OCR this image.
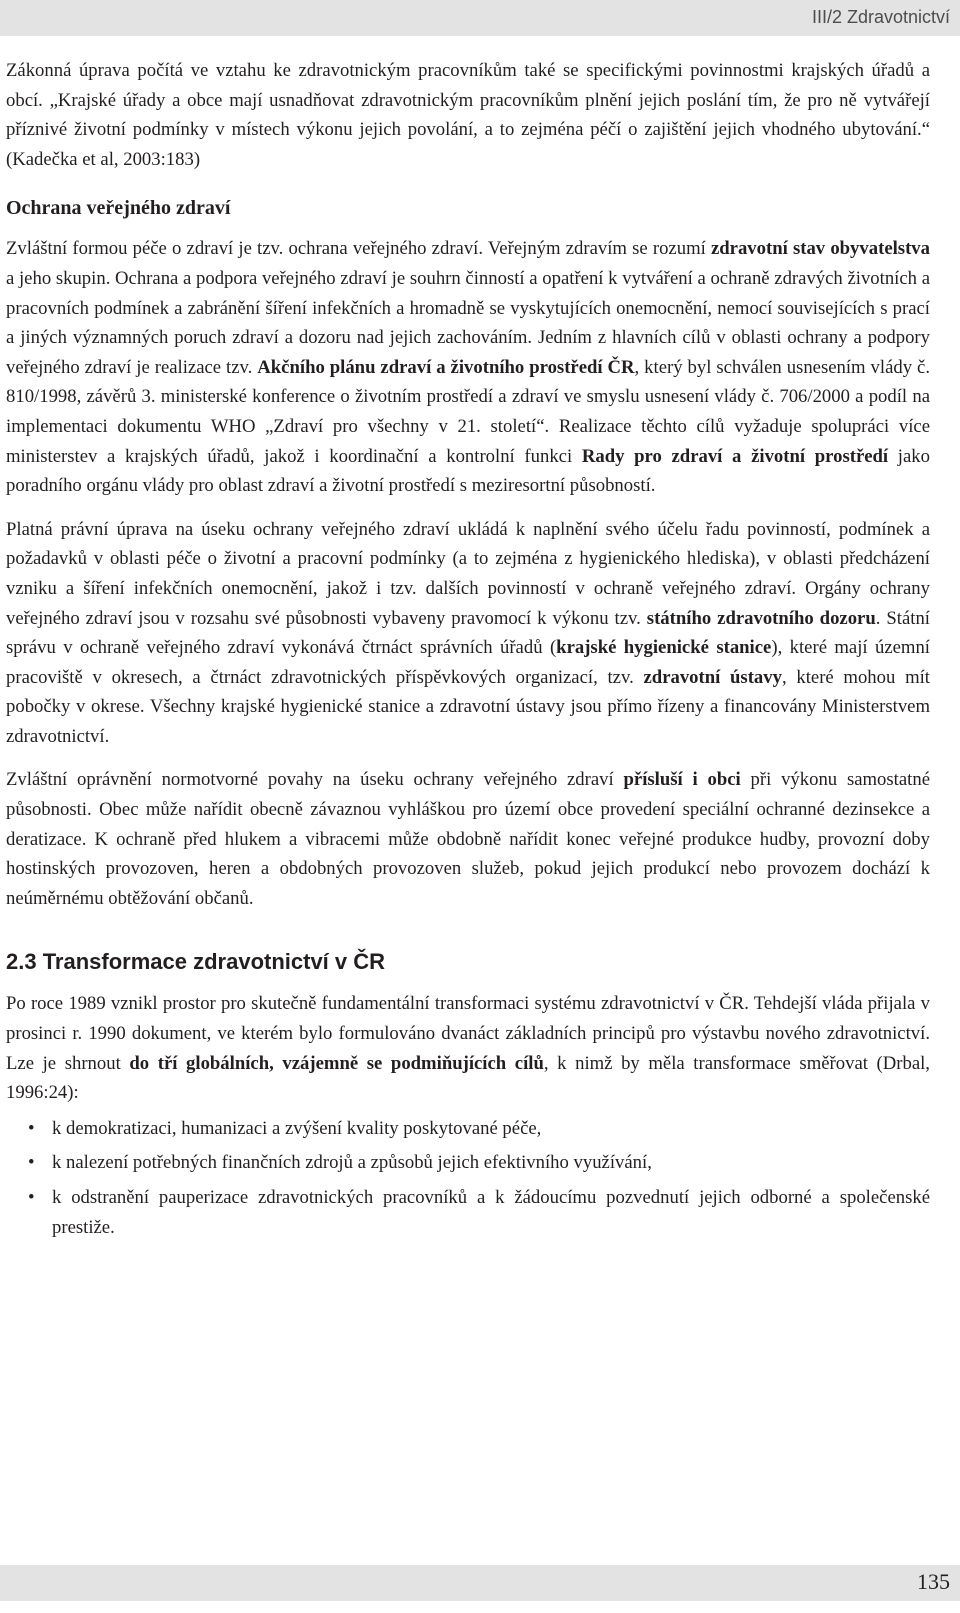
III/2 Zdravotnictví

Zákonná úprava počítá ve vztahu ke zdravotnickým pracovníkům také se specifickými povinnostmi krajských úřadů a obcí. „Krajské úřady a obce mají usnadňovat zdravotnickým pracovníkům plnění jejich poslání tím, že pro ně vytvářejí příznivé životní podmínky v místech výkonu jejich povolání, a to zejména péčí o zajištění jejich vhodného ubytování.“ (Kadečka et al, 2003:183)

Ochrana veřejného zdraví

Zvláštní formou péče o zdraví je tzv. ochrana veřejného zdraví. Veřejným zdravím se rozumí zdravotní stav obyvatelstva a jeho skupin. Ochrana a podpora veřejného zdraví je souhrn činností a opatření k vytváření a ochraně zdravých životních a pracovních podmínek a zabránění šíření infekčních a hromadně se vyskytujících onemocnění, nemocí souvisejících s prací a jiných významných poruch zdraví a dozoru nad jejich zachováním. Jedním z hlavních cílů v oblasti ochrany a podpory veřejného zdraví je realizace tzv. Akčního plánu zdraví a životního prostředí ČR, který byl schválen usnesením vlády č. 810/1998, závěrů 3. ministerské konference o životním prostředí a zdraví ve smyslu usnesení vlády č. 706/2000 a podíl na implementaci dokumentu WHO „Zdraví pro všechny v 21. století“. Realizace těchto cílů vyžaduje spolupráci více ministerstev a krajských úřadů, jakož i koordinační a kontrolní funkci Rady pro zdraví a životní prostředí jako poradního orgánu vlády pro oblast zdraví a životní prostředí s meziresortní působností.

Platná právní úprava na úseku ochrany veřejného zdraví ukládá k naplnění svého účelu řadu povinností, podmínek a požadavků v oblasti péče o životní a pracovní podmínky (a to zejména z hygienického hlediska), v oblasti předcházení vzniku a šíření infekčních onemocnění, jakož i tzv. dalších povinností v ochraně veřejného zdraví. Orgány ochrany veřejného zdraví jsou v rozsahu své působnosti vybaveny pravomocí k výkonu tzv. státního zdravotního dozoru. Státní správu v ochraně veřejného zdraví vykonává čtrnáct správních úřadů (krajské hygienické stanice), které mají územní pracoviště v okresech, a čtrnáct zdravotnických příspěvkových organizací, tzv. zdravotní ústavy, které mohou mít pobočky v okrese. Všechny krajské hygienické stanice a zdravotní ústavy jsou přímo řízeny a financovány Ministerstvem zdravotnictví.

Zvláštní oprávnění normotvorné povahy na úseku ochrany veřejného zdraví přísluší i obci při výkonu samostatné působnosti. Obec může nařídit obecně závaznou vyhláškou pro území obce provedení speciální ochranné dezinsekce a deratizace. K ochraně před hlukem a vibracemi může obdobně nařídit konec veřejné produkce hudby, provozní doby hostinských provozoven, heren a obdobných provozoven služeb, pokud jejich produkcí nebo provozem dochází k neúměrnému obtěžování občanů.

2.3 Transformace zdravotnictví v ČR

Po roce 1989 vznikl prostor pro skutečně fundamentální transformaci systému zdravotnictví v ČR. Tehdejší vláda přijala v prosinci r. 1990 dokument, ve kterém bylo formulováno dvanáct základních principů pro výstavbu nového zdravotnictví. Lze je shrnout do tří globálních, vzájemně se podmiňujících cílů, k nimž by měla transformace směřovat (Drbal, 1996:24):

• k demokratizaci, humanizaci a zvýšení kvality poskytované péče,
• k nalezení potřebných finančních zdrojů a způsobů jejich efektivního využívání,
• k odstranění pauperizace zdravotnických pracovníků a k žádoucímu pozvednutí jejich odborné a společenské prestiže.
135
